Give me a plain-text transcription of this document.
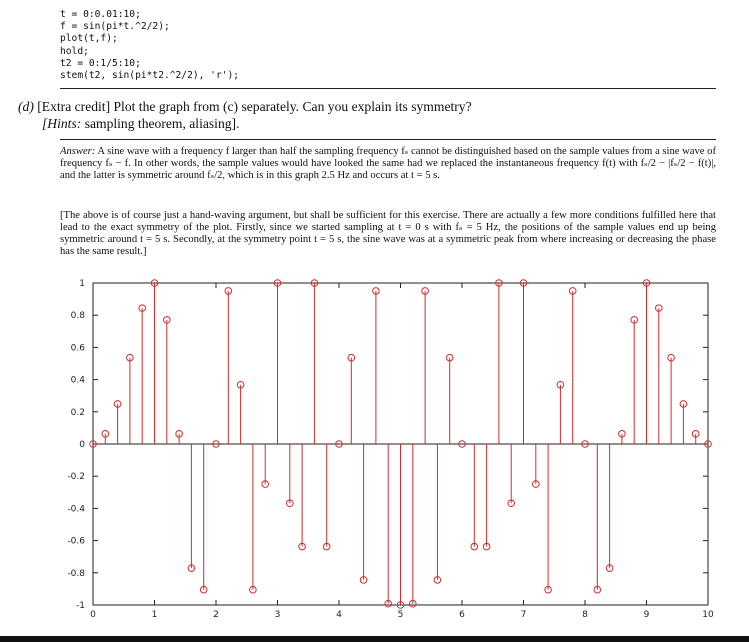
t = 0:0.01:10;
f = sin(pi*t.^2/2);
plot(t,f);
hold;
t2 = 0:1/5:10;
stem(t2, sin(pi*t2.^2/2), 'r');
(d) [Extra credit] Plot the graph from (c) separately. Can you explain its symmetry?
[Hints: sampling theorem, aliasing].
Answer: A sine wave with a frequency f larger than half the sampling frequency fₛ cannot be distinguished based on the sample values from a sine wave of frequency fₛ − f. In other words, the sample values would have looked the same had we replaced the instantaneous frequency f(t) with fₛ/2 − |fₛ/2 − f(t)|, and the latter is symmetric around fₛ/2, which is in this graph 2.5 Hz and occurs at t = 5 s.
[The above is of course just a hand-waving argument, but shall be sufficient for this exercise. There are actually a few more conditions fulfilled here that lead to the exact symmetry of the plot. Firstly, since we started sampling at t = 0 s with fₛ = 5 Hz, the positions of the sample values end up being symmetric around t = 5 s. Secondly, at the symmetry point t = 5 s, the sine wave was at a symmetric peak from where increasing or decreasing the phase has the same result.]
0	1	2	3	4	5	6	7	8	9	10
1
0.8
0.6
0.4
0.2
0
-0.2
-0.4
-0.6
-0.8
-1
